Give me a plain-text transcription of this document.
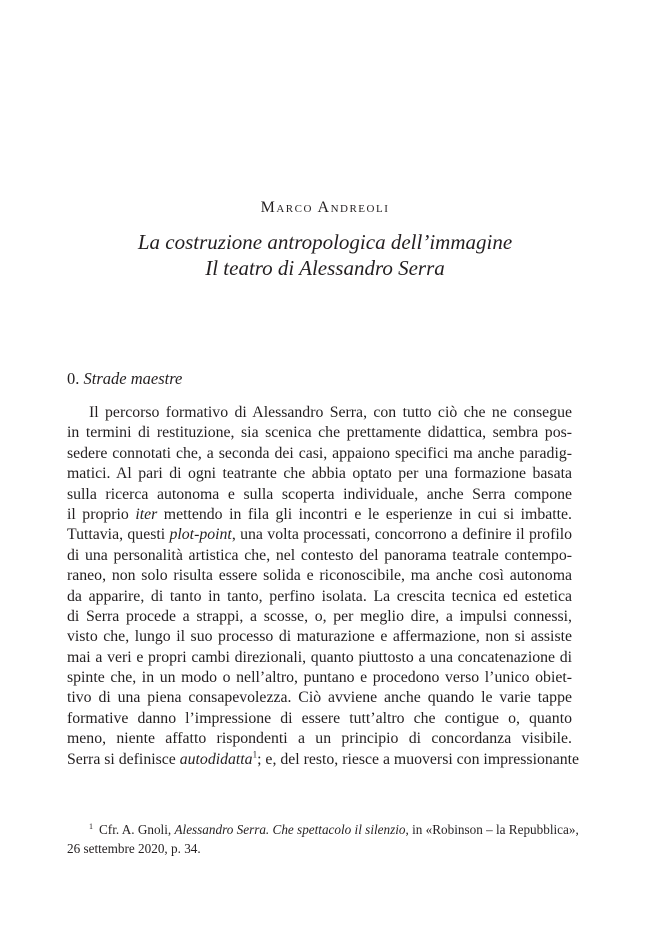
Marco Andreoli
La costruzione antropologica dell’immagine
Il teatro di Alessandro Serra
0. Strade maestre
Il percorso formativo di Alessandro Serra, con tutto ciò che ne consegue
in termini di restituzione, sia scenica che prettamente didattica, sembra pos-
sedere connotati che, a seconda dei casi, appaiono specifici ma anche paradig-
matici. Al pari di ogni teatrante che abbia optato per una formazione basata
sulla ricerca autonoma e sulla scoperta individuale, anche Serra compone
il proprio iter mettendo in fila gli incontri e le esperienze in cui si imbatte.
Tuttavia, questi plot-point, una volta processati, concorrono a definire il profilo
di una personalità artistica che, nel contesto del panorama teatrale contempo-
raneo, non solo risulta essere solida e riconoscibile, ma anche così autonoma
da apparire, di tanto in tanto, perfino isolata. La crescita tecnica ed estetica
di Serra procede a strappi, a scosse, o, per meglio dire, a impulsi connessi,
visto che, lungo il suo processo di maturazione e affermazione, non si assiste
mai a veri e propri cambi direzionali, quanto piuttosto a una concatenazione di
spinte che, in un modo o nell’altro, puntano e procedono verso l’unico obiet-
tivo di una piena consapevolezza. Ciò avviene anche quando le varie tappe
formative danno l’impressione di essere tutt’altro che contigue o, quanto
meno, niente affatto rispondenti a un principio di concordanza visibile.
Serra si definisce autodidatta$^1$; e, del resto, riesce a muoversi con impressionante
$^1$ Cfr. A. Gnoli, Alessandro Serra. Che spettacolo il silenzio, in «Robinson – la Repubblica»,
26 settembre 2020, p. 34.
